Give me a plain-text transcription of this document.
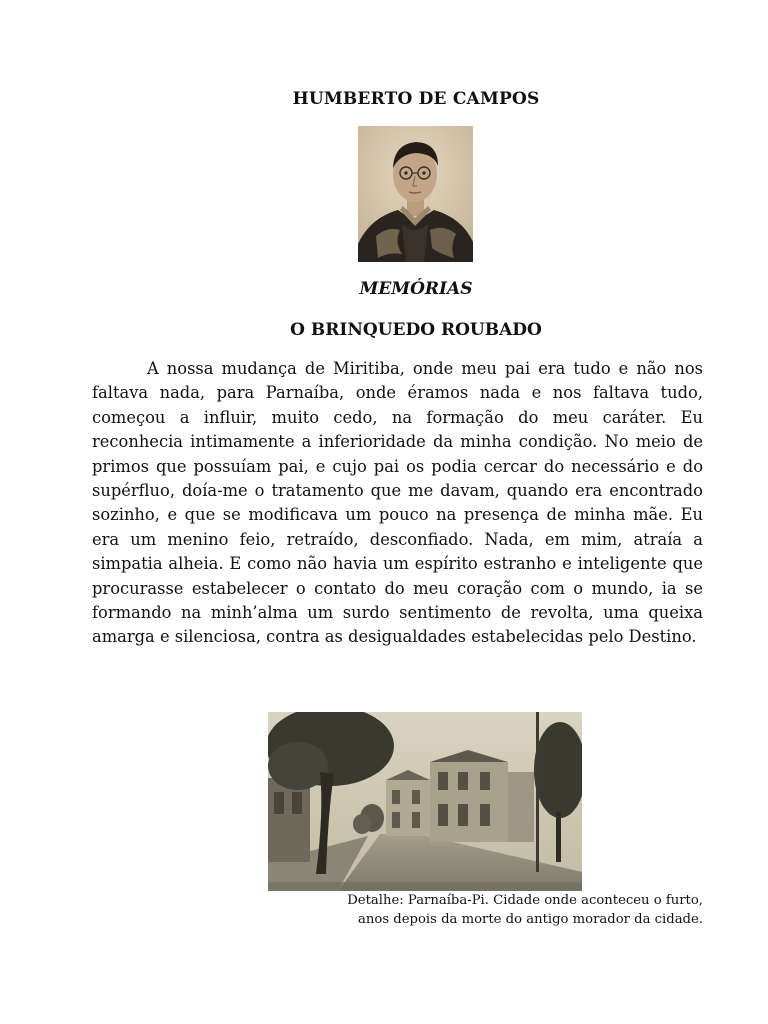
HUMBERTO DE CAMPOS
MEMÓRIAS
O BRINQUEDO ROUBADO

A nossa mudança de Miritiba, onde meu pai era tudo e não nos faltava nada, para Parnaíba, onde éramos nada e nos faltava tudo, começou a influir, muito cedo, na formação do meu caráter. Eu reconhecia intimamente a inferioridade da minha condição. No meio de primos que possuíam pai, e cujo pai os podia cercar do necessário e do supérfluo, doía-me o tratamento que me davam, quando era encontrado sozinho, e que se modificava um pouco na presença de minha mãe. Eu era um menino feio, retraído, desconfiado. Nada, em mim, atraía a simpatia alheia. E como não havia um espírito estranho e inteligente que procurasse estabelecer o contato do meu coração com o mundo, ia se formando na minh’alma um surdo sentimento de revolta, uma queixa amarga e silenciosa, contra as desigualdades estabelecidas pelo Destino.

Detalhe: Parnaíba-Pi. Cidade onde aconteceu o furto,
anos depois da morte do antigo morador da cidade.
